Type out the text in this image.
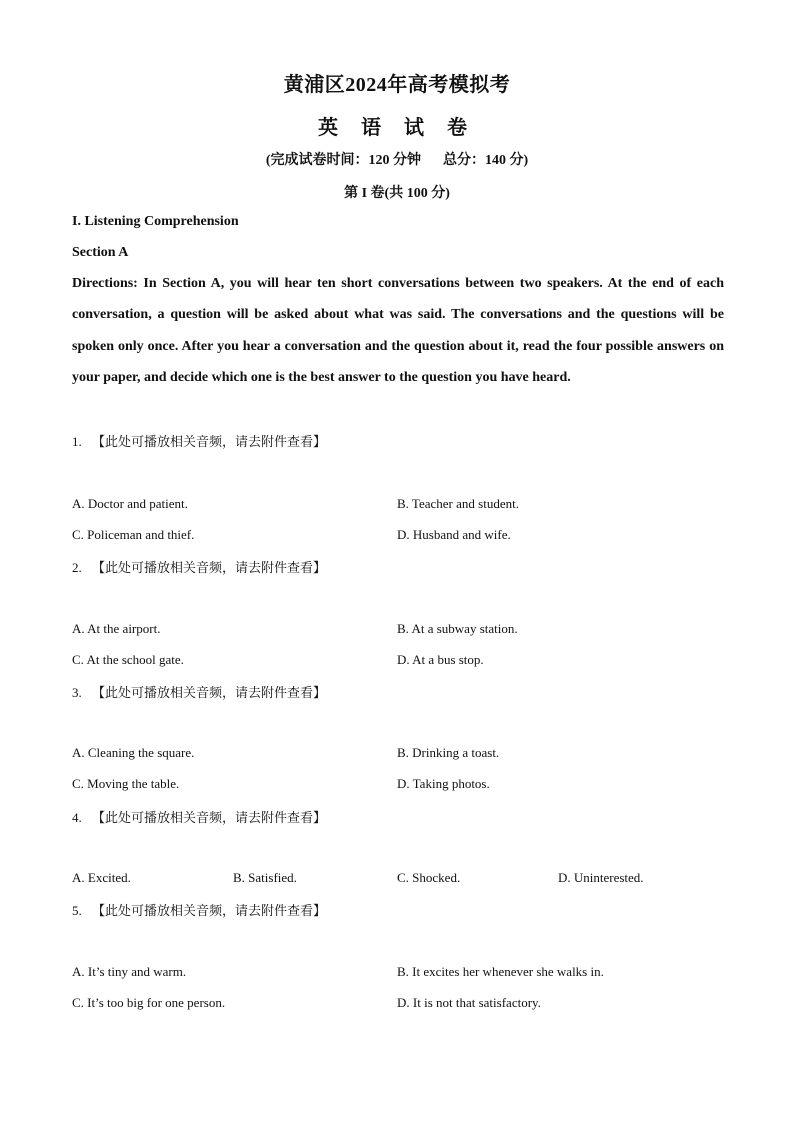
黄浦区2024年高考模拟考
英 语 试 卷
(完成试卷时间：120 分钟 总分：140 分)
第 I 卷(共 100 分)
I. Listening Comprehension
Section A
Directions: In Section A, you will hear ten short conversations between two speakers. At the end of each conversation, a question will be asked about what was said. The conversations and the questions will be spoken only once. After you hear a conversation and the question about it, read the four possible answers on your paper, and decide which one is the best answer to the question you have heard.
1. 【此处可播放相关音频，请去附件查看】
A. Doctor and patient.	B. Teacher and student.
C. Policeman and thief.	D. Husband and wife.
2. 【此处可播放相关音频，请去附件查看】
A. At the airport.	B. At a subway station.
C. At the school gate.	D. At a bus stop.
3. 【此处可播放相关音频，请去附件查看】
A. Cleaning the square.	B. Drinking a toast.
C. Moving the table.	D. Taking photos.
4. 【此处可播放相关音频，请去附件查看】
A. Excited.	B. Satisfied.	C. Shocked.	D. Uninterested.
5. 【此处可播放相关音频，请去附件查看】
A. It’s tiny and warm.	B. It excites her whenever she walks in.
C. It’s too big for one person.	D. It is not that satisfactory.
